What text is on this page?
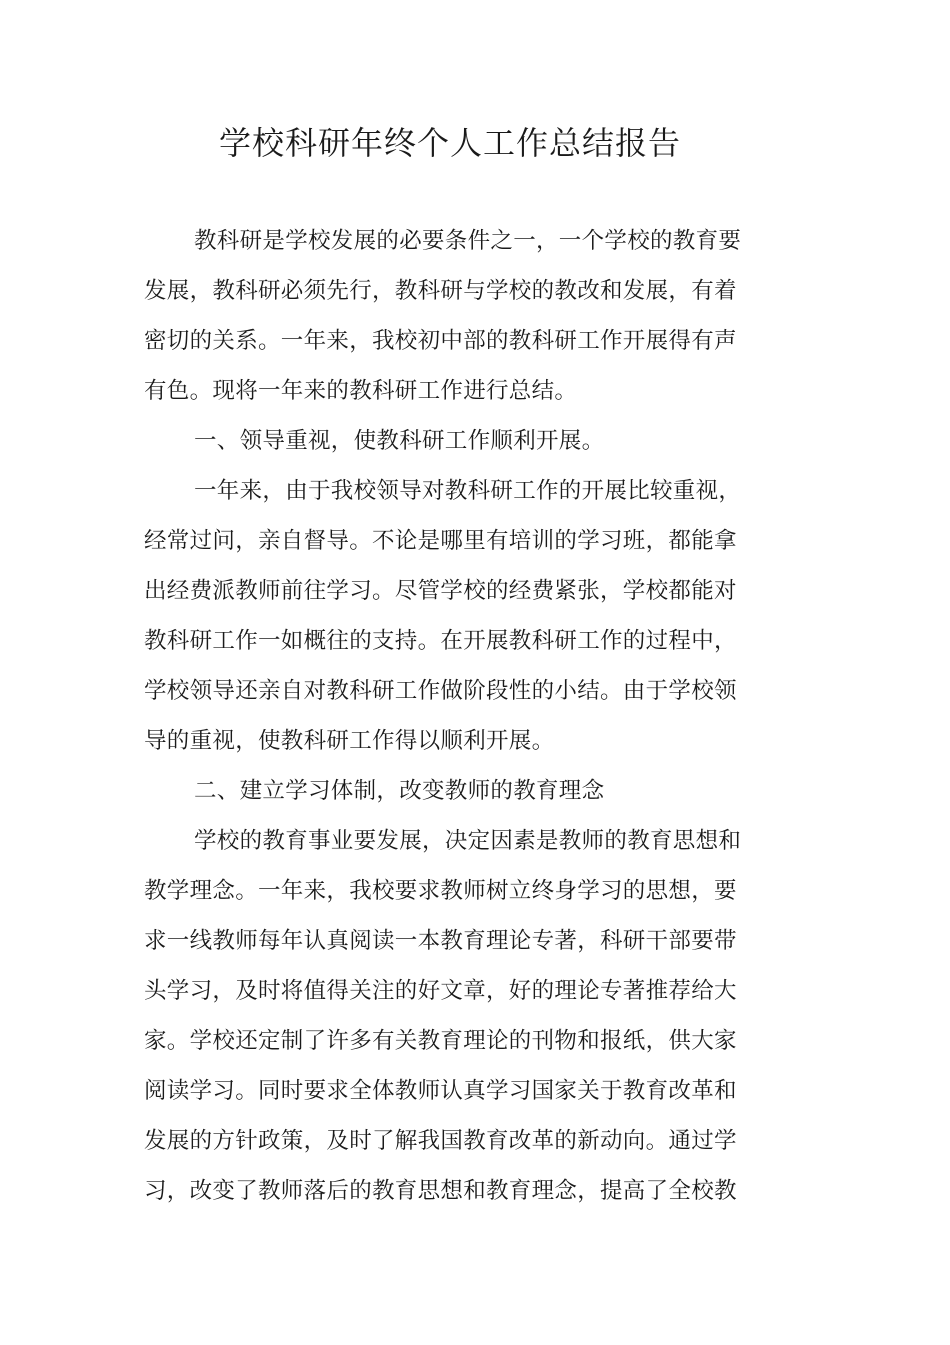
学校科研年终个人工作总结报告
教科研是学校发展的必要条件之一，一个学校的教育要
发展，教科研必须先行，教科研与学校的教改和发展，有着
密切的关系。一年来，我校初中部的教科研工作开展得有声
有色。现将一年来的教科研工作进行总结。
一、领导重视，使教科研工作顺利开展。
一年来，由于我校领导对教科研工作的开展比较重视，
经常过问，亲自督导。不论是哪里有培训的学习班，都能拿
出经费派教师前往学习。尽管学校的经费紧张，学校都能对
教科研工作一如概往的支持。在开展教科研工作的过程中，
学校领导还亲自对教科研工作做阶段性的小结。由于学校领
导的重视，使教科研工作得以顺利开展。
二、建立学习体制，改变教师的教育理念
学校的教育事业要发展，决定因素是教师的教育思想和
教学理念。一年来，我校要求教师树立终身学习的思想，要
求一线教师每年认真阅读一本教育理论专著，科研干部要带
头学习，及时将值得关注的好文章，好的理论专著推荐给大
家。学校还定制了许多有关教育理论的刊物和报纸，供大家
阅读学习。同时要求全体教师认真学习国家关于教育改革和
发展的方针政策，及时了解我国教育改革的新动向。通过学
习，改变了教师落后的教育思想和教育理念，提高了全校教
